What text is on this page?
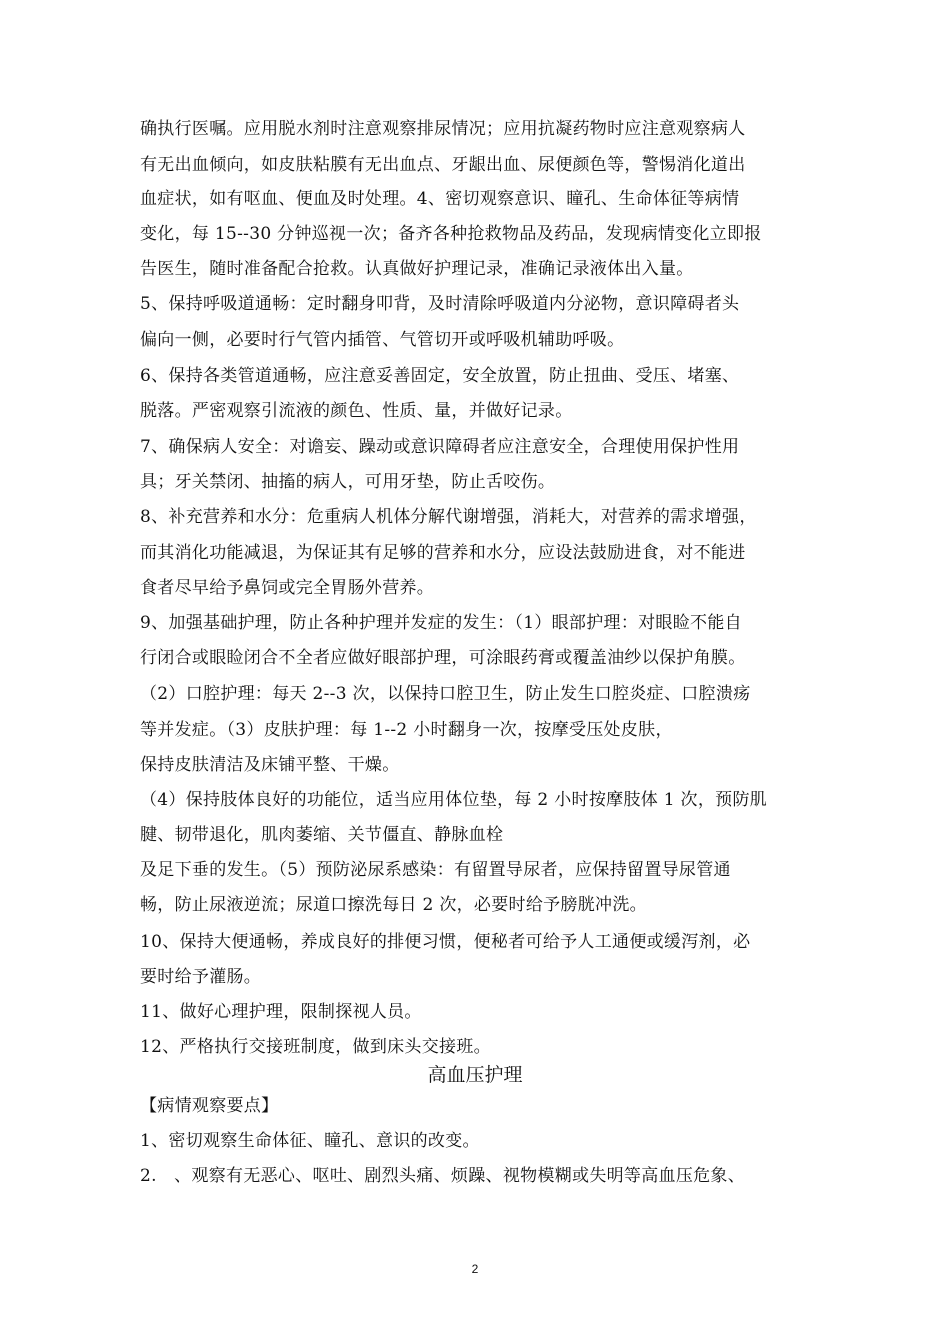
确执行医嘱。应用脱水剂时注意观察排尿情况；应用抗凝药物时应注意观察病人
有无出血倾向，如皮肤粘膜有无出血点、牙龈出血、尿便颜色等，警惕消化道出
血症状，如有呕血、便血及时处理。4、密切观察意识、瞳孔、生命体征等病情
变化，每 15--30 分钟巡视一次；备齐各种抢救物品及药品，发现病情变化立即报
告医生，随时准备配合抢救。认真做好护理记录，准确记录液体出入量。
5、保持呼吸道通畅：定时翻身叩背，及时清除呼吸道内分泌物，意识障碍者头
偏向一侧，必要时行气管内插管、气管切开或呼吸机辅助呼吸。
6、保持各类管道通畅，应注意妥善固定，安全放置，防止扭曲、受压、堵塞、
脱落。严密观察引流液的颜色、性质、量，并做好记录。
7、确保病人安全：对谵妄、躁动或意识障碍者应注意安全，合理使用保护性用
具；牙关禁闭、抽搐的病人，可用牙垫，防止舌咬伤。
8、补充营养和水分：危重病人机体分解代谢增强，消耗大，对营养的需求增强，
而其消化功能减退，为保证其有足够的营养和水分，应设法鼓励进食，对不能进
食者尽早给予鼻饲或完全胃肠外营养。
9、加强基础护理，防止各种护理并发症的发生：（1）眼部护理：对眼睑不能自
行闭合或眼睑闭合不全者应做好眼部护理，可涂眼药膏或覆盖油纱以保护角膜。
（2）口腔护理：每天 2--3 次，以保持口腔卫生，防止发生口腔炎症、口腔溃疡
等并发症。（3）皮肤护理：每 1--2 小时翻身一次，按摩受压处皮肤，
保持皮肤清洁及床铺平整、干燥。
（4）保持肢体良好的功能位，适当应用体位垫，每 2 小时按摩肢体 1 次，预防肌
腱、韧带退化，肌肉萎缩、关节僵直、静脉血栓
及足下垂的发生。（5）预防泌尿系感染：有留置导尿者，应保持留置导尿管通
畅，防止尿液逆流；尿道口擦洗每日 2 次，必要时给予膀胱冲洗。
10、保持大便通畅，养成良好的排便习惯，便秘者可给予人工通便或缓泻剂，必
要时给予灌肠。
11、做好心理护理，限制探视人员。
12、严格执行交接班制度，做到床头交接班。
高血压护理
【病情观察要点】
1、密切观察生命体征、瞳孔、意识的改变。
2.　、观察有无恶心、呕吐、剧烈头痛、烦躁、视物模糊或失明等高血压危象、
2
